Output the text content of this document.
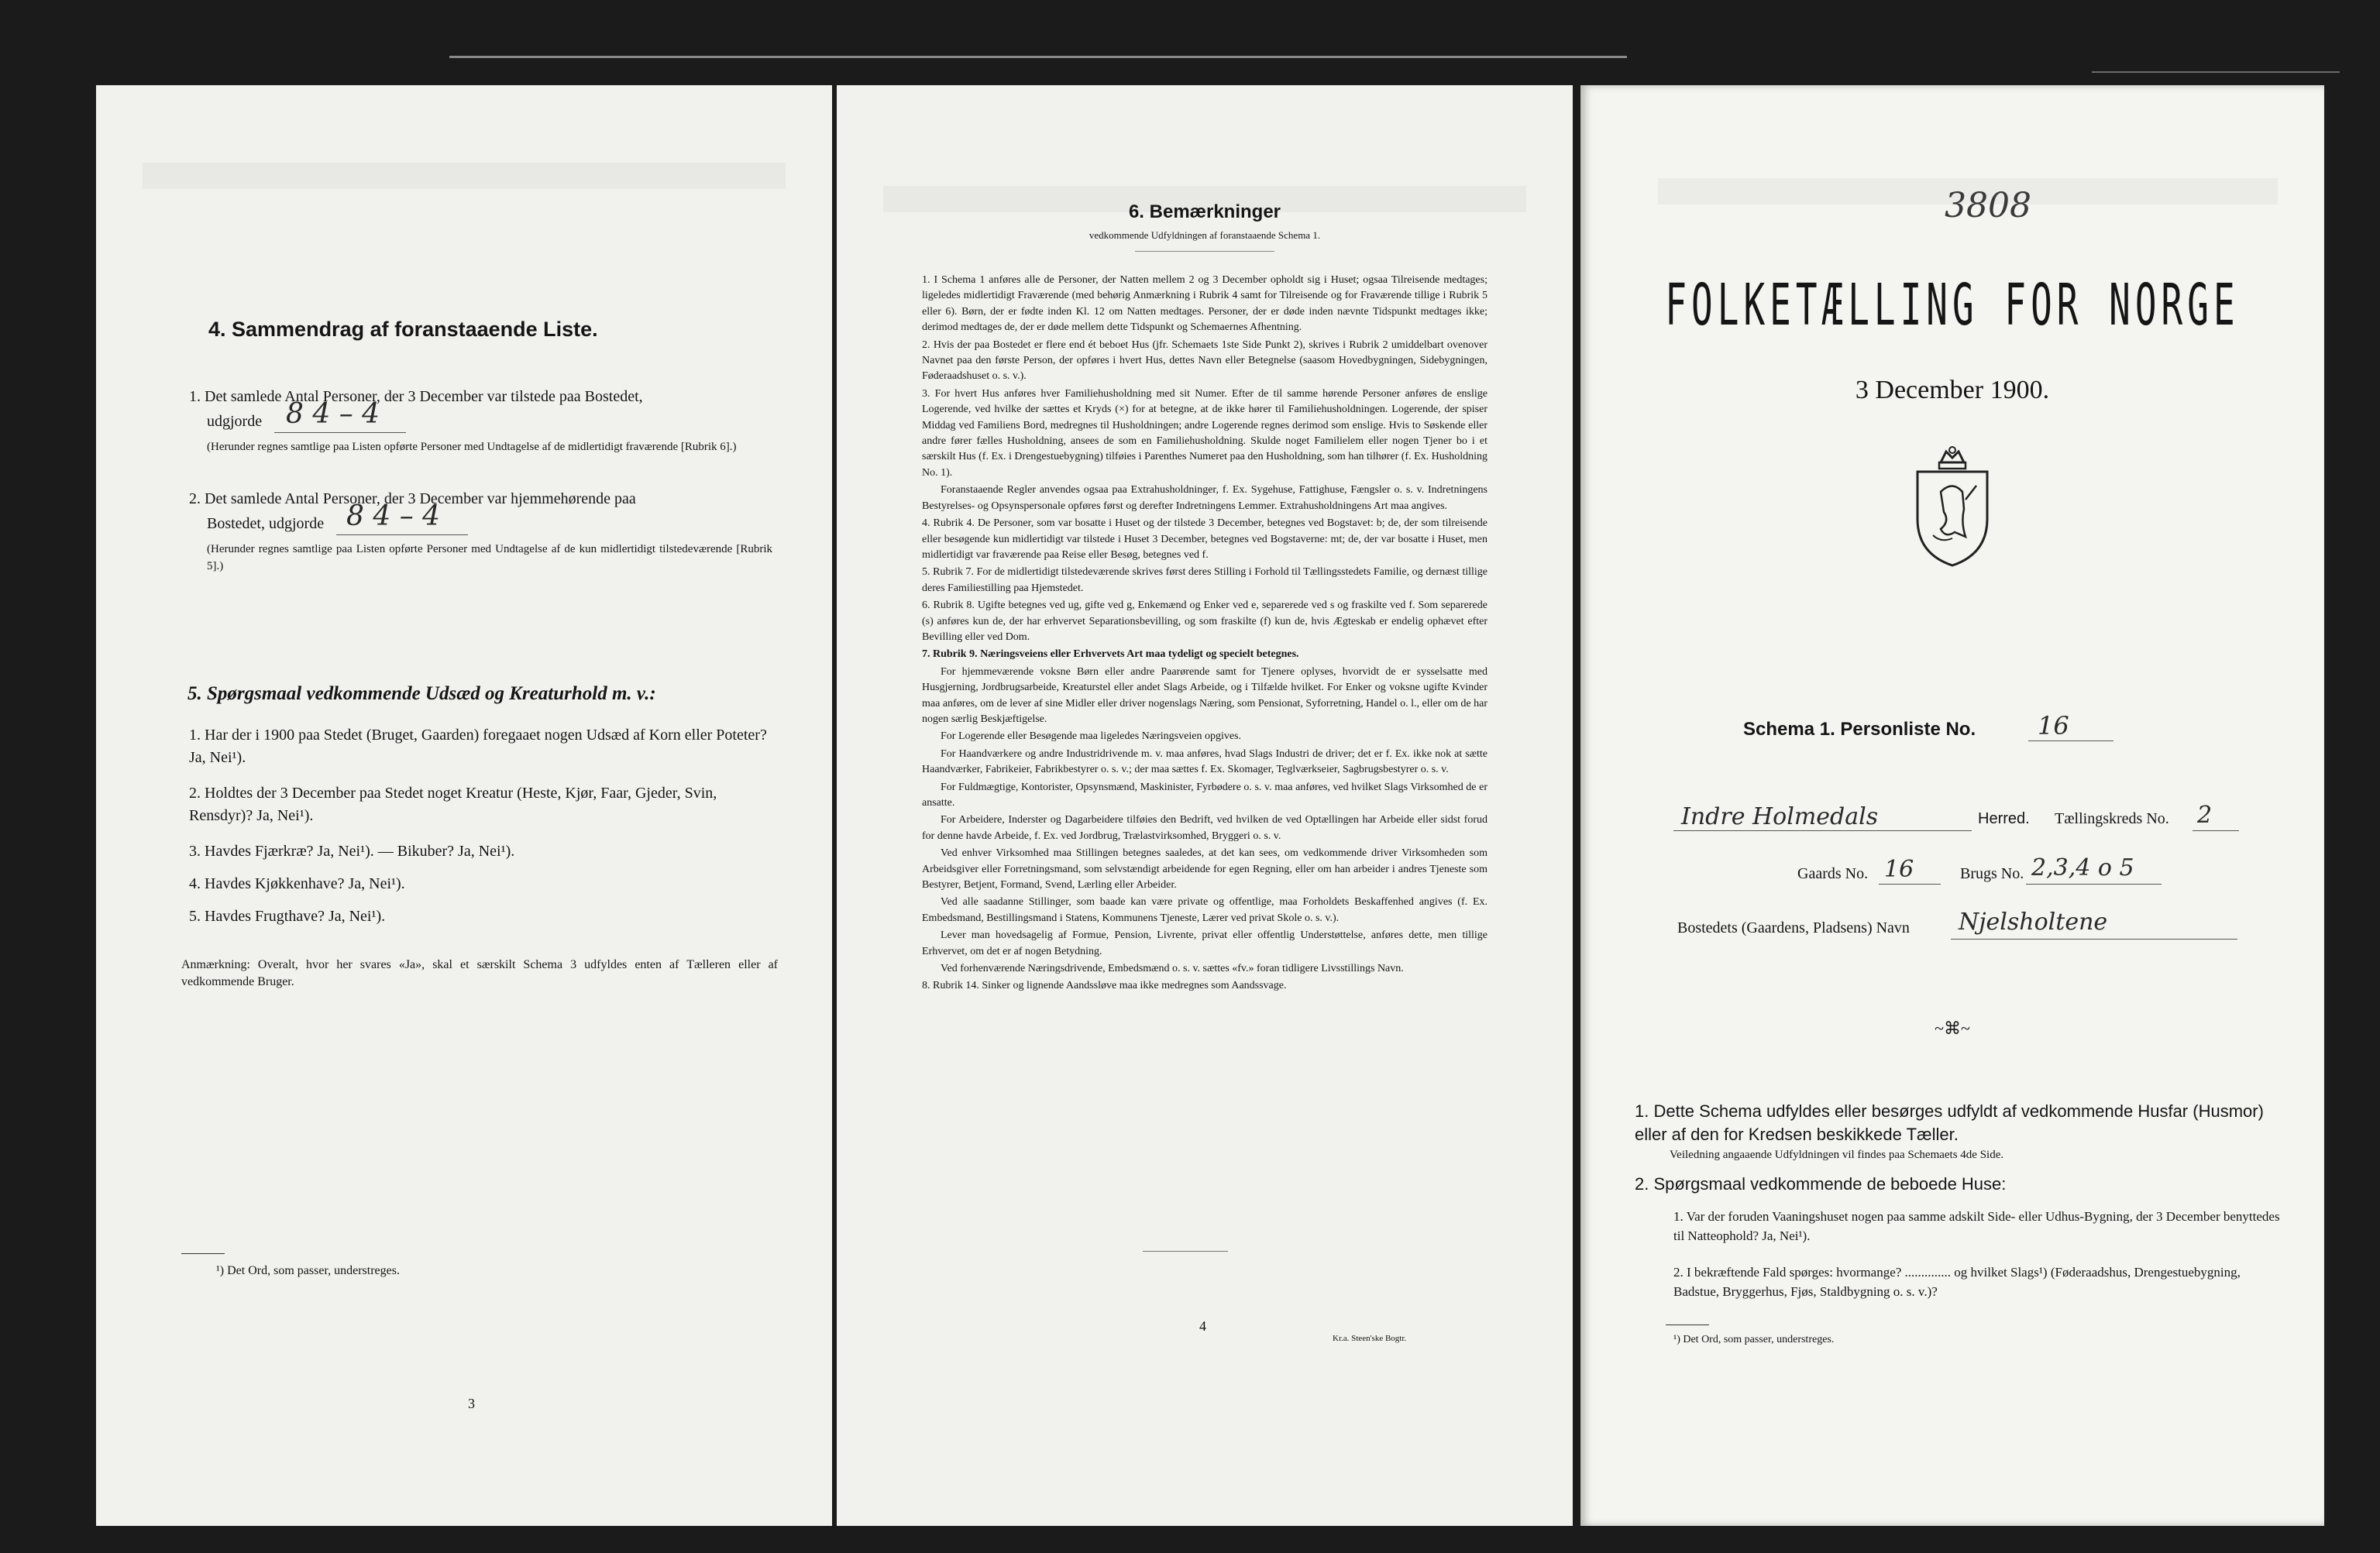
4. Sammendrag af foranstaaende Liste.
1. Det samlede Antal Personer, der 3 December var tilstede paa Bostedet,
udgjorde 8 4 – 4
(Herunder regnes samtlige paa Listen opførte Personer med Undtagelse af de midlertidigt fraværende [Rubrik 6].)
2. Det samlede Antal Personer, der 3 December var hjemmehørende paa
Bostedet, udgjorde 8 4 – 4
(Herunder regnes samtlige paa Listen opførte Personer med Undtagelse af de kun midlertidigt tilstedeværende [Rubrik 5].)
5. Spørgsmaal vedkommende Udsæd og Kreaturhold m. v.:
1. Har der i 1900 paa Stedet (Bruget, Gaarden) foregaaet nogen Udsæd af Korn eller Poteter? Ja, Nei¹).
2. Holdtes der 3 December paa Stedet noget Kreatur (Heste, Kjør, Faar, Gjeder, Svin, Rensdyr)? Ja, Nei¹).
3. Havdes Fjærkræ? Ja, Nei¹). — Bikuber? Ja, Nei¹).
4. Havdes Kjøkkenhave? Ja, Nei¹).
5. Havdes Frugthave? Ja, Nei¹).
Anmærkning: Overalt, hvor her svares «Ja», skal et særskilt Schema 3 udfyldes enten af Tælleren eller af vedkommende Bruger.
¹) Det Ord, som passer, understreges.
3
6. Bemærkninger
vedkommende Udfyldningen af foranstaaende Schema 1.

1. I Schema 1 anføres alle de Personer, der Natten mellem 2 og 3 December opholdt sig i Huset; ogsaa Tilreisende medtages; ligeledes midlertidigt Fraværende (med behørig Anmærkning i Rubrik 4 samt for Tilreisende og for Fraværende tillige i Rubrik 5 eller 6). Børn, der er fødte inden Kl. 12 om Natten medtages. Personer, der er døde inden nævnte Tidspunkt medtages ikke; derimod medtages de, der er døde mellem dette Tidspunkt og Schemaernes Afhentning.

2. Hvis der paa Bostedet er flere end ét beboet Hus (jfr. Schemaets 1ste Side Punkt 2), skrives i Rubrik 2 umiddelbart ovenover Navnet paa den første Person, der opføres i hvert Hus, dettes Navn eller Betegnelse (saasom Hovedbygningen, Sidebygningen, Føderaadshuset o. s. v.).

3. For hvert Hus anføres hver Familiehusholdning med sit Numer. Efter de til samme hørende Personer anføres de enslige Logerende, ved hvilke der sættes et Kryds (×) for at betegne, at de ikke hører til Familiehusholdningen. Logerende, der spiser Middag ved Familiens Bord, medregnes til Husholdningen; andre Logerende regnes derimod som enslige. Hvis to Søskende eller andre fører fælles Husholdning, ansees de som en Familiehusholdning. Skulde noget Familielem eller nogen Tjener bo i et særskilt Hus (f. Ex. i Drengestuebygning) tilføies i Parenthes Numeret paa den Husholdning, som han tilhører (f. Ex. Husholdning No. 1).

Foranstaaende Regler anvendes ogsaa paa Extrahusholdninger, f. Ex. Sygehuse, Fattighuse, Fængsler o. s. v. Indretningens Bestyrelses- og Opsynspersonale opføres først og derefter Indretningens Lemmer. Extrahusholdningens Art maa angives.

4. Rubrik 4. De Personer, som var bosatte i Huset og der tilstede 3 December, betegnes ved Bogstavet: b; de, der som tilreisende eller besøgende kun midlertidigt var tilstede i Huset 3 December, betegnes ved Bogstaverne: mt; de, der var bosatte i Huset, men midlertidigt var fraværende paa Reise eller Besøg, betegnes ved f.

5. Rubrik 7. For de midlertidigt tilstedeværende skrives først deres Stilling i Forhold til Tællingsstedets Familie, og dernæst tillige deres Familiestilling paa Hjemstedet.

6. Rubrik 8. Ugifte betegnes ved ug, gifte ved g, Enkemænd og Enker ved e, separerede ved s og fraskilte ved f. Som separerede (s) anføres kun de, der har erhvervet Separationsbevilling, og som fraskilte (f) kun de, hvis Ægteskab er endelig ophævet efter Bevilling eller ved Dom.

7. Rubrik 9. Næringsveiens eller Erhvervets Art maa tydeligt og specielt betegnes.

For hjemmeværende voksne Børn eller andre Paarørende samt for Tjenere oplyses, hvorvidt de er sysselsatte med Husgjerning, Jordbrugsarbeide, Kreaturstel eller andet Slags Arbeide, og i Tilfælde hvilket. For Enker og voksne ugifte Kvinder maa anføres, om de lever af sine Midler eller driver nogenslags Næring, som Pensionat, Syforretning, Handel o. l., eller om de har nogen særlig Beskjæftigelse.

For Logerende eller Besøgende maa ligeledes Næringsveien opgives.

For Haandværkere og andre Industridrivende m. v. maa anføres, hvad Slags Industri de driver; det er f. Ex. ikke nok at sætte Haandværker, Fabrikeier, Fabrikbestyrer o. s. v.; der maa sættes f. Ex. Skomager, Teglværkseier, Sagbrugsbestyrer o. s. v.

For Fuldmægtige, Kontorister, Opsynsmænd, Maskinister, Fyrbødere o. s. v. maa anføres, ved hvilket Slags Virksomhed de er ansatte.

For Arbeidere, Inderster og Dagarbeidere tilføies den Bedrift, ved hvilken de ved Optællingen har Arbeide eller sidst forud for denne havde Arbeide, f. Ex. ved Jordbrug, Trælastvirksomhed, Bryggeri o. s. v.

Ved enhver Virksomhed maa Stillingen betegnes saaledes, at det kan sees, om vedkommende driver Virksomheden som Arbeidsgiver eller Forretningsmand, som selvstændigt arbeidende for egen Regning, eller om han arbeider i andres Tjeneste som Bestyrer, Betjent, Formand, Svend, Lærling eller Arbeider.

Ved alle saadanne Stillinger, som baade kan være private og offentlige, maa Forholdets Beskaffenhed angives (f. Ex. Embedsmand, Bestillingsmand i Statens, Kommunens Tjeneste, Lærer ved privat Skole o. s. v.).

Lever man hovedsagelig af Formue, Pension, Livrente, privat eller offentlig Understøttelse, anføres dette, men tillige Erhvervet, om det er af nogen Betydning.

Ved forhenværende Næringsdrivende, Embedsmænd o. s. v. sættes «fv.» foran tidligere Livsstillings Navn.

8. Rubrik 14. Sinker og lignende Aandssløve maa ikke medregnes som Aandssvage.

4
Kr.a. Steen'ske Bogtr.
3808
FOLKETÆLLING FOR NORGE
3 December 1900.
Schema 1. Personliste No. 16
Indre Holmedals	Herred. Tællingskreds No. 2
Gaards No. 16	Brugs No. 2,3,4 o 5
Bostedets (Gaardens, Pladsens) Navn Njelsholtene
~⌘~
1. Dette Schema udfyldes eller besørges udfyldt af vedkommende Husfar (Husmor) eller af den for Kredsen beskikkede Tæller.
Veiledning angaaende Udfyldningen vil findes paa Schemaets 4de Side.
2. Spørgsmaal vedkommende de beboede Huse:
1. Var der foruden Vaaningshuset nogen paa samme adskilt Side- eller Udhus-Bygning, der 3 December benyttedes til Natteophold? Ja, Nei¹).
2. I bekræftende Fald spørges: hvormange? .............. og hvilket Slags¹) (Føderaadshus, Drengestuebygning, Badstue, Bryggerhus, Fjøs, Staldbygning o. s. v.)?
¹) Det Ord, som passer, understreges.
